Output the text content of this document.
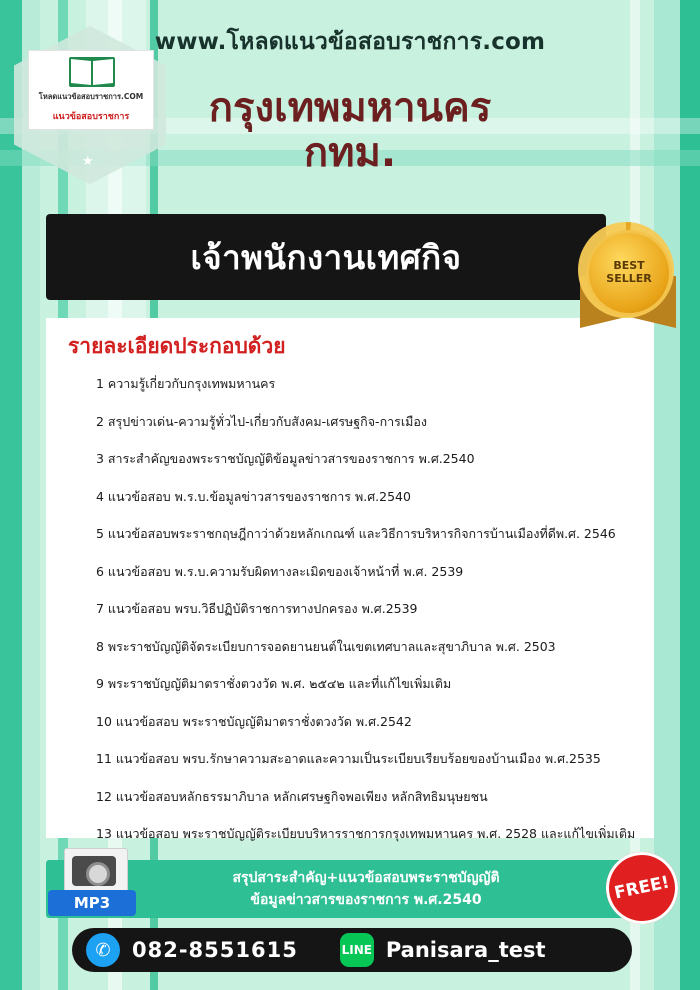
โหลดแนวข้อสอบราชการ.COM
แนวข้อสอบราชการ
★
www.โหลดแนวข้อสอบราชการ.com
กรุงเทพมหานคร
กทม.
เจ้าพนักงานเทศกิจ	BEST
SELLER
รายละเอียดประกอบด้วย
1 ความรู้เกี่ยวกับกรุงเทพมหานคร
2 สรุปข่าวเด่น-ความรู้ทั่วไป-เกี่ยวกับสังคม-เศรษฐกิจ-การเมือง
3 สาระสำคัญของพระราชบัญญัติข้อมูลข่าวสารของราชการ พ.ศ.2540
4 แนวข้อสอบ พ.ร.บ.ข้อมูลข่าวสารของราชการ พ.ศ.2540
5 แนวข้อสอบพระราชกฤษฎีกาว่าด้วยหลักเกณฑ์ และวิธีการบริหารกิจการบ้านเมืองที่ดีพ.ศ. 2546
6 แนวข้อสอบ พ.ร.บ.ความรับผิดทางละเมิดของเจ้าหน้าที่ พ.ศ. 2539
7 แนวข้อสอบ พรบ.วิธีปฏิบัติราชการทางปกครอง พ.ศ.2539
8 พระราชบัญญัติจัดระเบียบการจอดยานยนต์ในเขตเทศบาลและสุขาภิบาล พ.ศ. 2503
9 พระราชบัญญัติมาตราชั่งตวงวัด พ.ศ. ๒๕๔๒ และที่แก้ไขเพิ่มเติม
10 แนวข้อสอบ พระราชบัญญัติมาตราชั่งตวงวัด พ.ศ.2542
11 แนวข้อสอบ พรบ.รักษาความสะอาดและความเป็นระเบียบเรียบร้อยของบ้านเมือง พ.ศ.2535
12 แนวข้อสอบหลักธรรมาภิบาล หลักเศรษฐกิจพอเพียง หลักสิทธิมนุษยชน
13 แนวข้อสอบ พระราชบัญญัติระเบียบบริหารราชการกรุงเทพมหานคร พ.ศ. 2528 และแก้ไขเพิ่มเติม
สรุปสาระสำคัญ+แนวข้อสอบพระราชบัญญัติ
ข้อมูลข่าวสารของราชการ พ.ศ.2540
MP3	FREE!
✆	082-8551615	LINE Panisara_test
